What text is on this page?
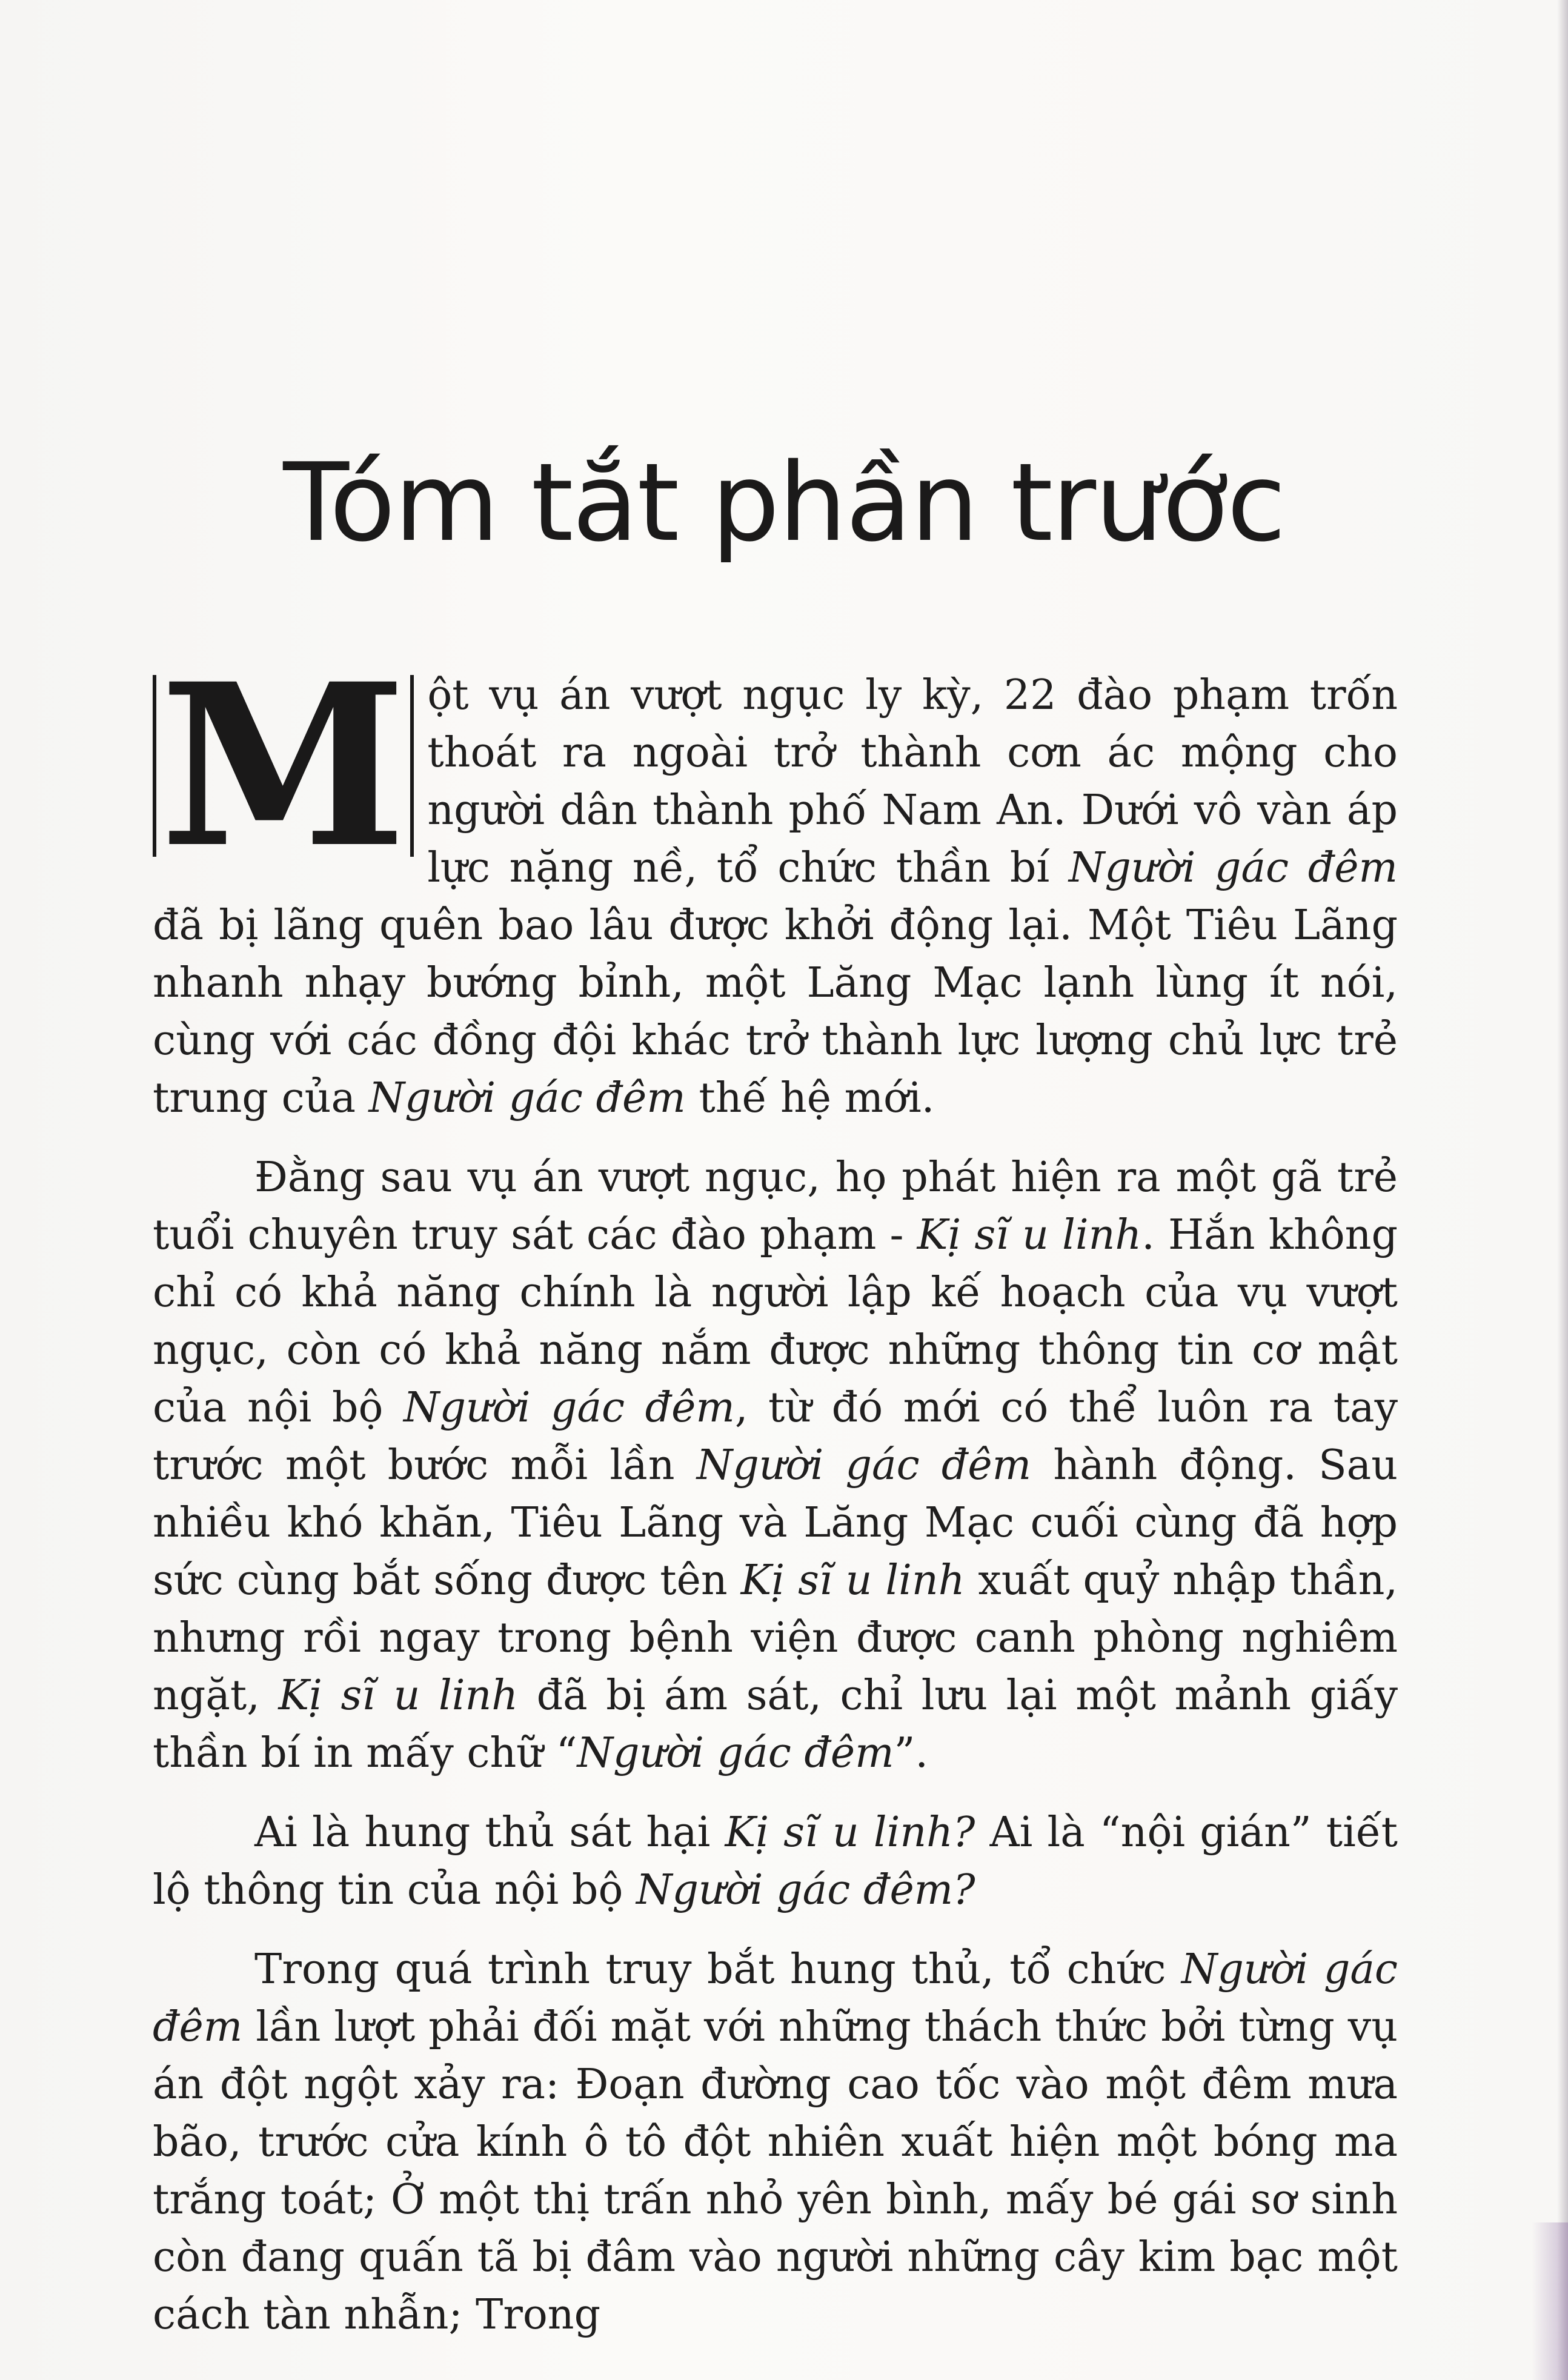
Tóm tắt phần trước

M ột vụ án vượt ngục ly kỳ, 22 đào phạm trốn thoát ra ngoài trở thành cơn ác mộng cho người dân thành phố Nam An. Dưới vô vàn áp lực nặng nề, tổ chức thần bí Người gác đêm đã bị lãng quên bao lâu được khởi động lại. Một Tiêu Lãng nhanh nhạy bướng bỉnh, một Lăng Mạc lạnh lùng ít nói, cùng với các đồng đội khác trở thành lực lượng chủ lực trẻ trung của Người gác đêm thế hệ mới.

Đằng sau vụ án vượt ngục, họ phát hiện ra một gã trẻ tuổi chuyên truy sát các đào phạm - Kị sĩ u linh. Hắn không chỉ có khả năng chính là người lập kế hoạch của vụ vượt ngục, còn có khả năng nắm được những thông tin cơ mật của nội bộ Người gác đêm, từ đó mới có thể luôn ra tay trước một bước mỗi lần Người gác đêm hành động. Sau nhiều khó khăn, Tiêu Lãng và Lăng Mạc cuối cùng đã hợp sức cùng bắt sống được tên Kị sĩ u linh xuất quỷ nhập thần, nhưng rồi ngay trong bệnh viện được canh phòng nghiêm ngặt, Kị sĩ u linh đã bị ám sát, chỉ lưu lại một mảnh giấy thần bí in mấy chữ “Người gác đêm”.

Ai là hung thủ sát hại Kị sĩ u linh? Ai là “nội gián” tiết lộ thông tin của nội bộ Người gác đêm?

Trong quá trình truy bắt hung thủ, tổ chức Người gác đêm lần lượt phải đối mặt với những thách thức bởi từng vụ án đột ngột xảy ra: Đoạn đường cao tốc vào một đêm mưa bão, trước cửa kính ô tô đột nhiên xuất hiện một bóng ma trắng toát; Ở một thị trấn nhỏ yên bình, mấy bé gái sơ sinh còn đang quấn tã bị đâm vào người những cây kim bạc một cách tàn nhẫn; Trong
